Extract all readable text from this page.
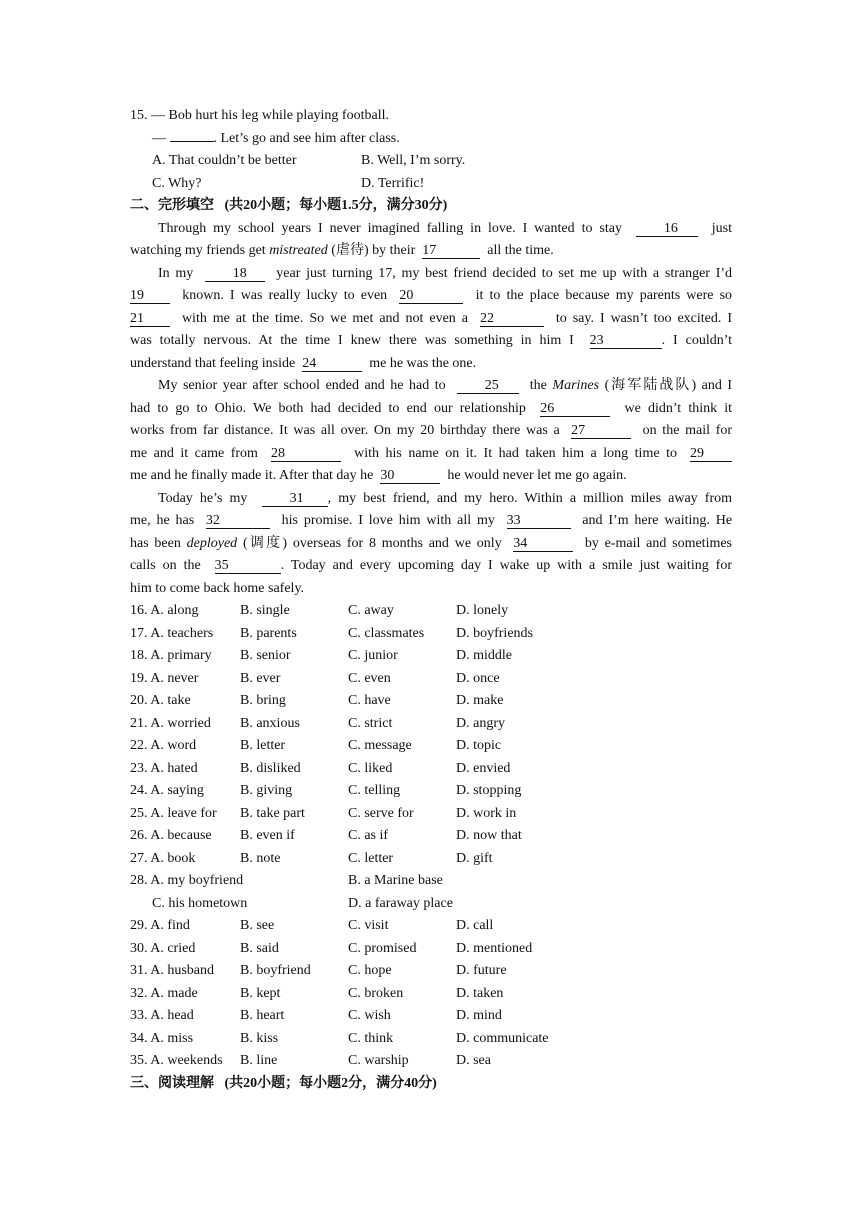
15. — Bob hurt his leg while playing football.
—	. Let’s go and see him after class.
A. That couldn’t be better	B. Well, I’m sorry.
C. Why?	D. Terrific!
二、完形填空 (共20小题；每小题1.5分，满分30分)
Through my school years I never imagined falling in love. I wanted to stay	16 just
watching my friends get mistreated (虐待) by their 17	all the time.
In my	18 year just turning 17, my best friend decided to set me up with a stranger I’d
19	known. I was really lucky to even 20	it to the place because my parents were so
21	with me at the time. So we met and not even a 22	to say. I wasn’t too excited. I
was totally nervous. At the time I knew there was something in him I 23	. I couldn’t
understand that feeling inside 24	me he was the one.
My senior year after school ended and he had to	25 the Marines (海军陆战队) and I
had to go to Ohio. We both had decided to end our relationship 26	we didn’t think it
works from far distance. It was all over. On my 20 birthday there was a 27	on the mail for
me and it came from 28	with his name on it. It had taken him a long time to 29
me and he finally made it. After that day he 30	he would never let me go again.
Today he’s my	31 , my best friend, and my hero. Within a million miles away from
me, he has 32	his promise. I love him with all my 33	and I’m here waiting. He
has been deployed (调度) overseas for 8 months and we only 34	by e-mail and sometimes
calls on the 35	. Today and every upcoming day I wake up with a smile just waiting for
him to come back home safely.
16. A. along	B. single	C. away	D. lonely
17. A. teachers	B. parents	C. classmates	D. boyfriends
18. A. primary	B. senior	C. junior	D. middle
19. A. never	B. ever	C. even	D. once
20. A. take	B. bring	C. have	D. make
21. A. worried	B. anxious	C. strict	D. angry
22. A. word	B. letter	C. message	D. topic
23. A. hated	B. disliked	C. liked	D. envied
24. A. saying	B. giving	C. telling	D. stopping
25. A. leave for	B. take part	C. serve for	D. work in
26. A. because	B. even if	C. as if	D. now that
27. A. book	B. note	C. letter	D. gift
28. A. my boyfriend	B. a Marine base
C. his hometown	D. a faraway place
29. A. find	B. see	C. visit	D. call
30. A. cried	B. said	C. promised	D. mentioned
31. A. husband	B. boyfriend	C. hope	D. future
32. A. made	B. kept	C. broken	D. taken
33. A. head	B. heart	C. wish	D. mind
34. A. miss	B. kiss	C. think	D. communicate
35. A. weekends	B. line	C. warship	D. sea
三、阅读理解 (共20小题；每小题2分，满分40分)
